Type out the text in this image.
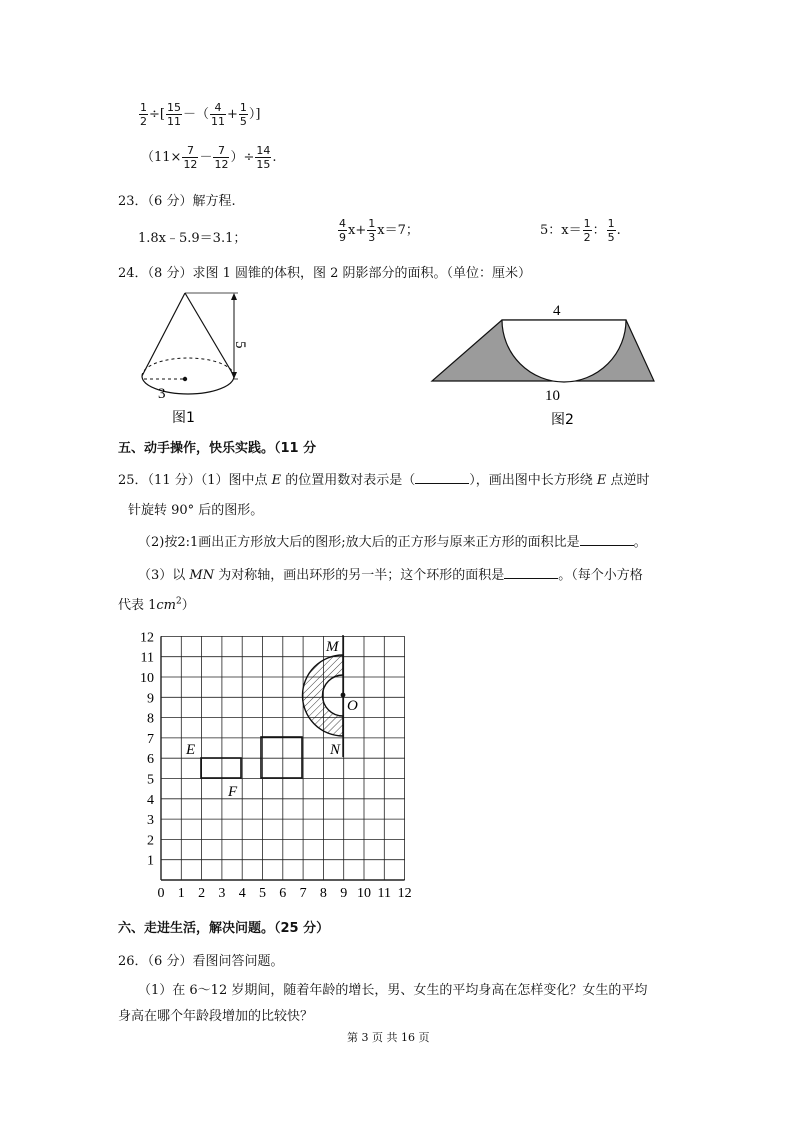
$\frac{1}{2}$ ÷[ $\frac{15}{11}$ －（ $\frac{4}{11} + \frac{1}{5}$ ）]
（$11\times \frac{7}{12} - \frac{7}{12}$ ）÷ $\frac{14}{15}$ .
23．（6 分）解方程.
1.8x﹣5.9＝3.1；	$\frac{4}{9} x+ \frac{1}{3} x=7$；	5：$x= \frac{1}{2}$ ： $\frac{1}{5}$ .
24．（8 分）求图 1 圆锥的体积，图 2 阴影部分的面积。（单位：厘米）
5
3
图1
4
10
图2
五、动手操作，快乐实践。（11 分
25．（11 分）（1）图中点 E 的位置用数对表示是（	），画出图中长方形绕 E 点逆时
针旋转 90° 后的图形。
（2)按2:1画出正方形放大后的图形;放大后的正方形与原来正方形的面积比是	。
（3）以 MN 为对称轴，画出环形的另一半；这个环形的面积是	。（每个小方格
代表 $1cm^2$）
12
11
10
9
8
7
6
5
4
3
2
1
0 1 2 3 4 5 6 7 8 9 10 11 12
E
F
M
O
N
六、走进生活，解决问题。（25 分）
26．（6 分）看图问答问题。
（1）在 6～12 岁期间，随着年龄的增长，男、女生的平均身高在怎样变化？女生的平均
身高在哪个年龄段增加的比较快？
第 3 页 共 16 页
